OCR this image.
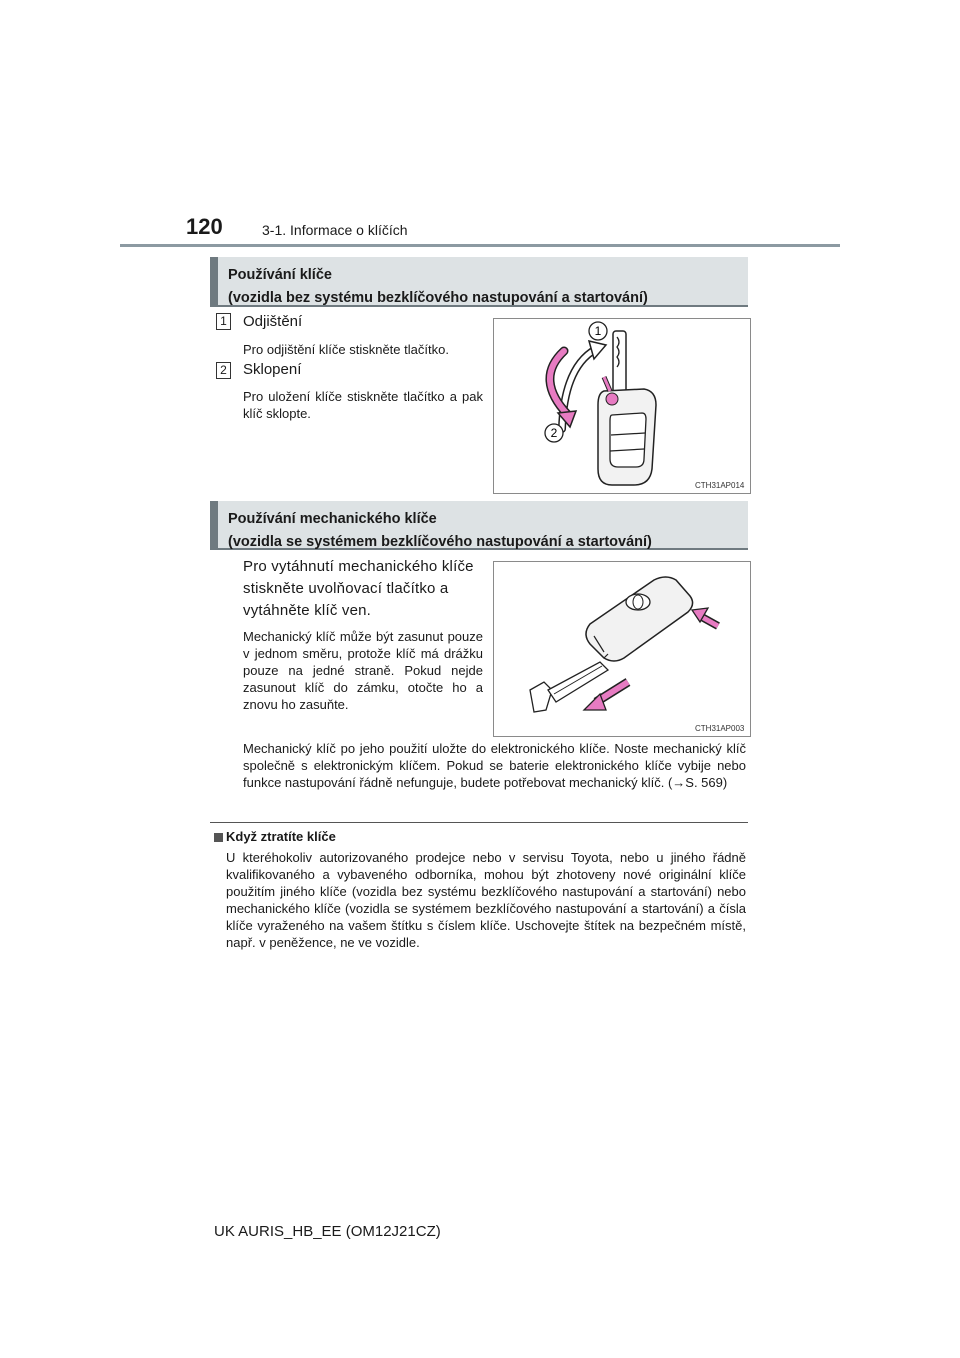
120	3-1. Informace o klíčích
Používání klíče
(vozidla bez systému bezklíčového nastupování a startování)
1 Odjištění
Pro odjištění klíče stiskněte tlačítko.
2 Sklopení
Pro uložení klíče stiskněte tlačítko a pak klíč sklopte.
1
2
CTH31AP014
Používání mechanického klíče
(vozidla se systémem bezklíčového nastupování a startování)
Pro vytáhnutí mechanického klíče stiskněte uvolňovací tlačítko a vytáhněte klíč ven.
Mechanický klíč může být zasunut pouze v jednom směru, protože klíč má drážku pouze na jedné straně. Pokud nejde zasunout klíč do zámku, otočte ho a znovu ho zasuňte.
CTH31AP003
Mechanický klíč po jeho použití uložte do elektronického klíče. Noste mechanický klíč společně s elektronickým klíčem. Pokud se baterie elektronického klíče vybije nebo funkce nastupování řádně nefunguje, budete potřebovat mechanický klíč. (→S. 569)
Když ztratíte klíče
U kteréhokoliv autorizovaného prodejce nebo v servisu Toyota, nebo u jiného řádně kvalifikovaného a vybaveného odborníka, mohou být zhotoveny nové originální klíče použitím jiného klíče (vozidla bez systému bezklíčového nastupování a startování) nebo mechanického klíče (vozidla se systémem bezklíčového nastupování a startování) a čísla klíče vyraženého na vašem štítku s číslem klíče. Uschovejte štítek na bezpečném místě, např. v peněžence, ne ve vozidle.
UK AURIS_HB_EE (OM12J21CZ)
